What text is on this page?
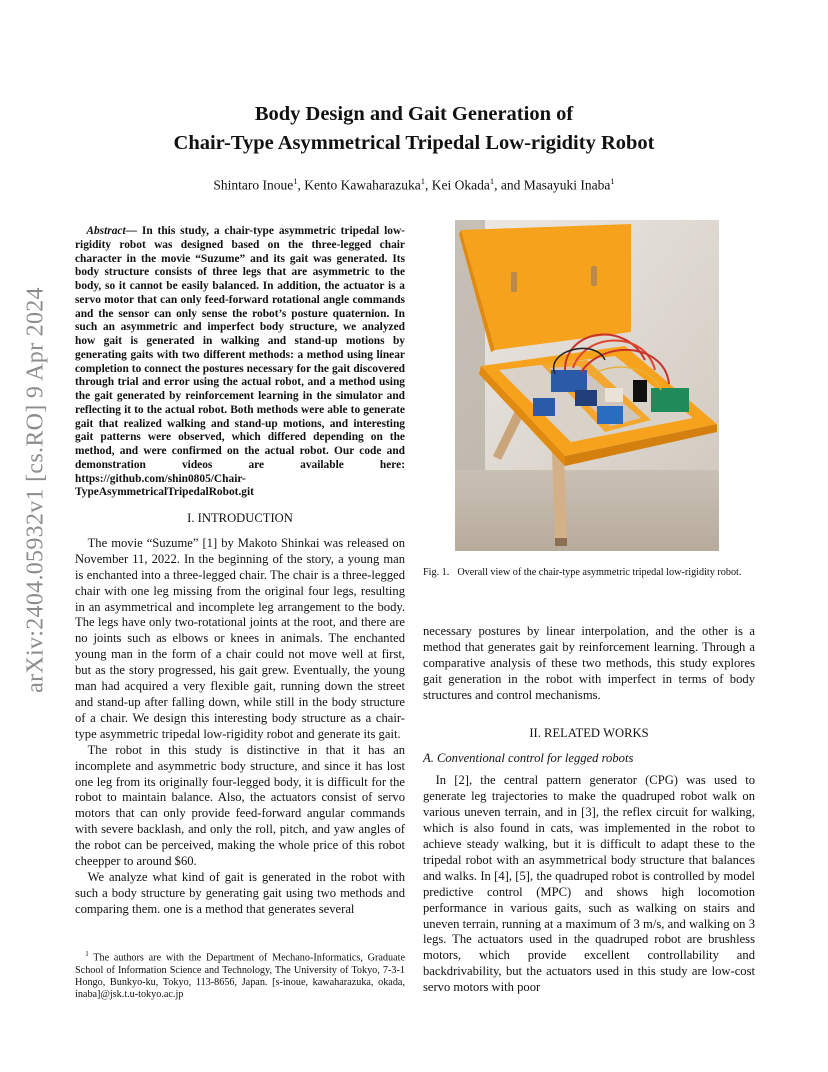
Body Design and Gait Generation of
Chair-Type Asymmetrical Tripedal Low-rigidity Robot
Shintaro Inoue$^1$, Kento Kawaharazuka$^1$, Kei Okada$^1$, and Masayuki Inaba$^1$
arXiv:2404.05932v1 [cs.RO] 9 Apr 2024

Abstract— In this study, a chair-type asymmetric tripedal low-rigidity robot was designed based on the three-legged chair character in the movie “Suzume” and its gait was generated. Its body structure consists of three legs that are asymmetric to the body, so it cannot be easily balanced. In addition, the actuator is a servo motor that can only feed-forward rotational angle commands and the sensor can only sense the robot’s posture quaternion. In such an asymmetric and imperfect body structure, we analyzed how gait is generated in walking and stand-up motions by generating gaits with two different methods: a method using linear completion to connect the postures necessary for the gait discovered through trial and error using the actual robot, and a method using the gait generated by reinforcement learning in the simulator and reflecting it to the actual robot. Both methods were able to generate gait that realized walking and stand-up motions, and interesting gait patterns were observed, which differed depending on the method, and were confirmed on the actual robot. Our code and demonstration videos are available here: https://github.com/shin0805/Chair-TypeAsymmetricalTripedalRobot.git

I. INTRODUCTION

The movie “Suzume” [1] by Makoto Shinkai was released on November 11, 2022. In the beginning of the story, a young man is enchanted into a three-legged chair. The chair is a three-legged chair with one leg missing from the original four legs, resulting in an asymmetrical and incomplete leg arrangement to the body. The legs have only two-rotational joints at the root, and there are no joints such as elbows or knees in animals. The enchanted young man in the form of a chair could not move well at first, but as the story progressed, his gait grew. Eventually, the young man had acquired a very flexible gait, running down the street and stand-up after falling down, while still in the body structure of a chair. We design this interesting body structure as a chair-type asymmetric tripedal low-rigidity robot and generate its gait.

The robot in this study is distinctive in that it has an incomplete and asymmetric body structure, and since it has lost one leg from its originally four-legged body, it is difficult for the robot to maintain balance. Also, the actuators consist of servo motors that can only provide feed-forward angular commands with severe backlash, and only the roll, pitch, and yaw angles of the robot can be perceived, making the whole price of this robot cheepper to around $60.

We analyze what kind of gait is generated in the robot with such a body structure by generating gait using two methods and comparing them. one is a method that generates several

$^1$ The authors are with the Department of Mechano-Informatics, Graduate School of Information Science and Technology, The University of Tokyo, 7-3-1 Hongo, Bunkyo-ku, Tokyo, 113-8656, Japan. [s-inoue, kawaharazuka, okada, inaba]@jsk.t.u-tokyo.ac.jp

Fig. 1. Overall view of the chair-type asymmetric tripedal low-rigidity robot.

necessary postures by linear interpolation, and the other is a method that generates gait by reinforcement learning. Through a comparative analysis of these two methods, this study explores gait generation in the robot with imperfect in terms of body structures and control mechanisms.

II. RELATED WORKS

A. Conventional control for legged robots

In [2], the central pattern generator (CPG) was used to generate leg trajectories to make the quadruped robot walk on various uneven terrain, and in [3], the reflex circuit for walking, which is also found in cats, was implemented in the robot to achieve steady walking, but it is difficult to adapt these to the tripedal robot with an asymmetrical body structure that balances and walks. In [4], [5], the quadruped robot is controlled by model predictive control (MPC) and shows high locomotion performance in various gaits, such as walking on stairs and uneven terrain, running at a maximum of 3 m/s, and walking on 3 legs. The actuators used in the quadruped robot are brushless motors, which provide excellent controllability and backdrivability, but the actuators used in this study are low-cost servo motors with poor
